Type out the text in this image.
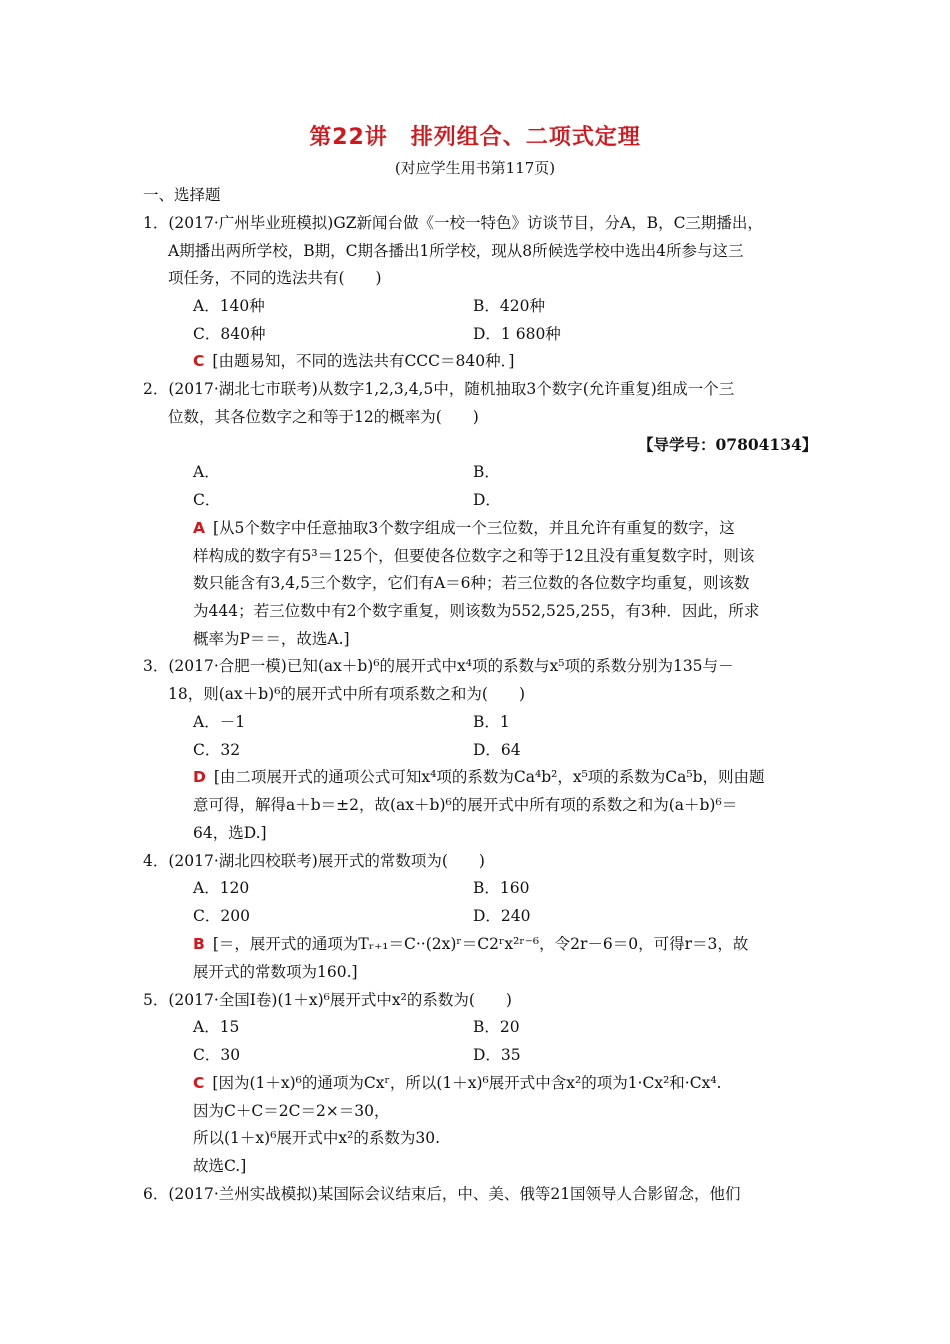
第22讲　排列组合、二项式定理
(对应学生用书第117页)
一、选择题
1．(2017·广州毕业班模拟)GZ新闻台做《一校一特色》访谈节目，分A，B，C三期播出，
A期播出两所学校，B期，C期各播出1所学校，现从8所候选学校中选出4所参与这三
项任务，不同的选法共有(　　)
A．140种	B．420种
C．840种	D．1 680种
C [由题易知，不同的选法共有CCC＝840种．]
2．(2017·湖北七市联考)从数字1,2,3,4,5中，随机抽取3个数字(允许重复)组成一个三
位数，其各位数字之和等于12的概率为(　　)
【导学号：07804134】
A．	B．
C．	D．
A [从5个数字中任意抽取3个数字组成一个三位数，并且允许有重复的数字，这
样构成的数字有5³＝125个，但要使各位数字之和等于12且没有重复数字时，则该
数只能含有3,4,5三个数字，它们有A＝6种；若三位数的各位数字均重复，则该数
为444；若三位数中有2个数字重复，则该数为552,525,255，有3种．因此，所求
概率为P＝＝，故选A.]
3．(2017·合肥一模)已知(ax＋b)⁶的展开式中x⁴项的系数与x⁵项的系数分别为135与－
18，则(ax＋b)⁶的展开式中所有项系数之和为(　　)
A．－1	B．1
C．32	D．64
D [由二项展开式的通项公式可知x⁴项的系数为Ca⁴b²，x⁵项的系数为Ca⁵b，则由题
意可得，解得a＋b＝±2，故(ax＋b)⁶的展开式中所有项的系数之和为(a＋b)⁶＝
64，选D.]
4．(2017·湖北四校联考)展开式的常数项为(　　)
A．120	B．160
C．200	D．240
B [＝，展开式的通项为Tᵣ₊₁＝C··(2x)ʳ＝C2ʳx²ʳ⁻⁶，令2r－6＝0，可得r＝3，故
展开式的常数项为160.]
5．(2017·全国Ⅰ卷)(1＋x)⁶展开式中x²的系数为(　　)
A．15	B．20
C．30	D．35
C [因为(1＋x)⁶的通项为Cxʳ，所以(1＋x)⁶展开式中含x²的项为1·Cx²和·Cx⁴.
因为C＋C＝2C＝2×＝30，
所以(1＋x)⁶展开式中x²的系数为30.
故选C.]
6．(2017·兰州实战模拟)某国际会议结束后，中、美、俄等21国领导人合影留念，他们
